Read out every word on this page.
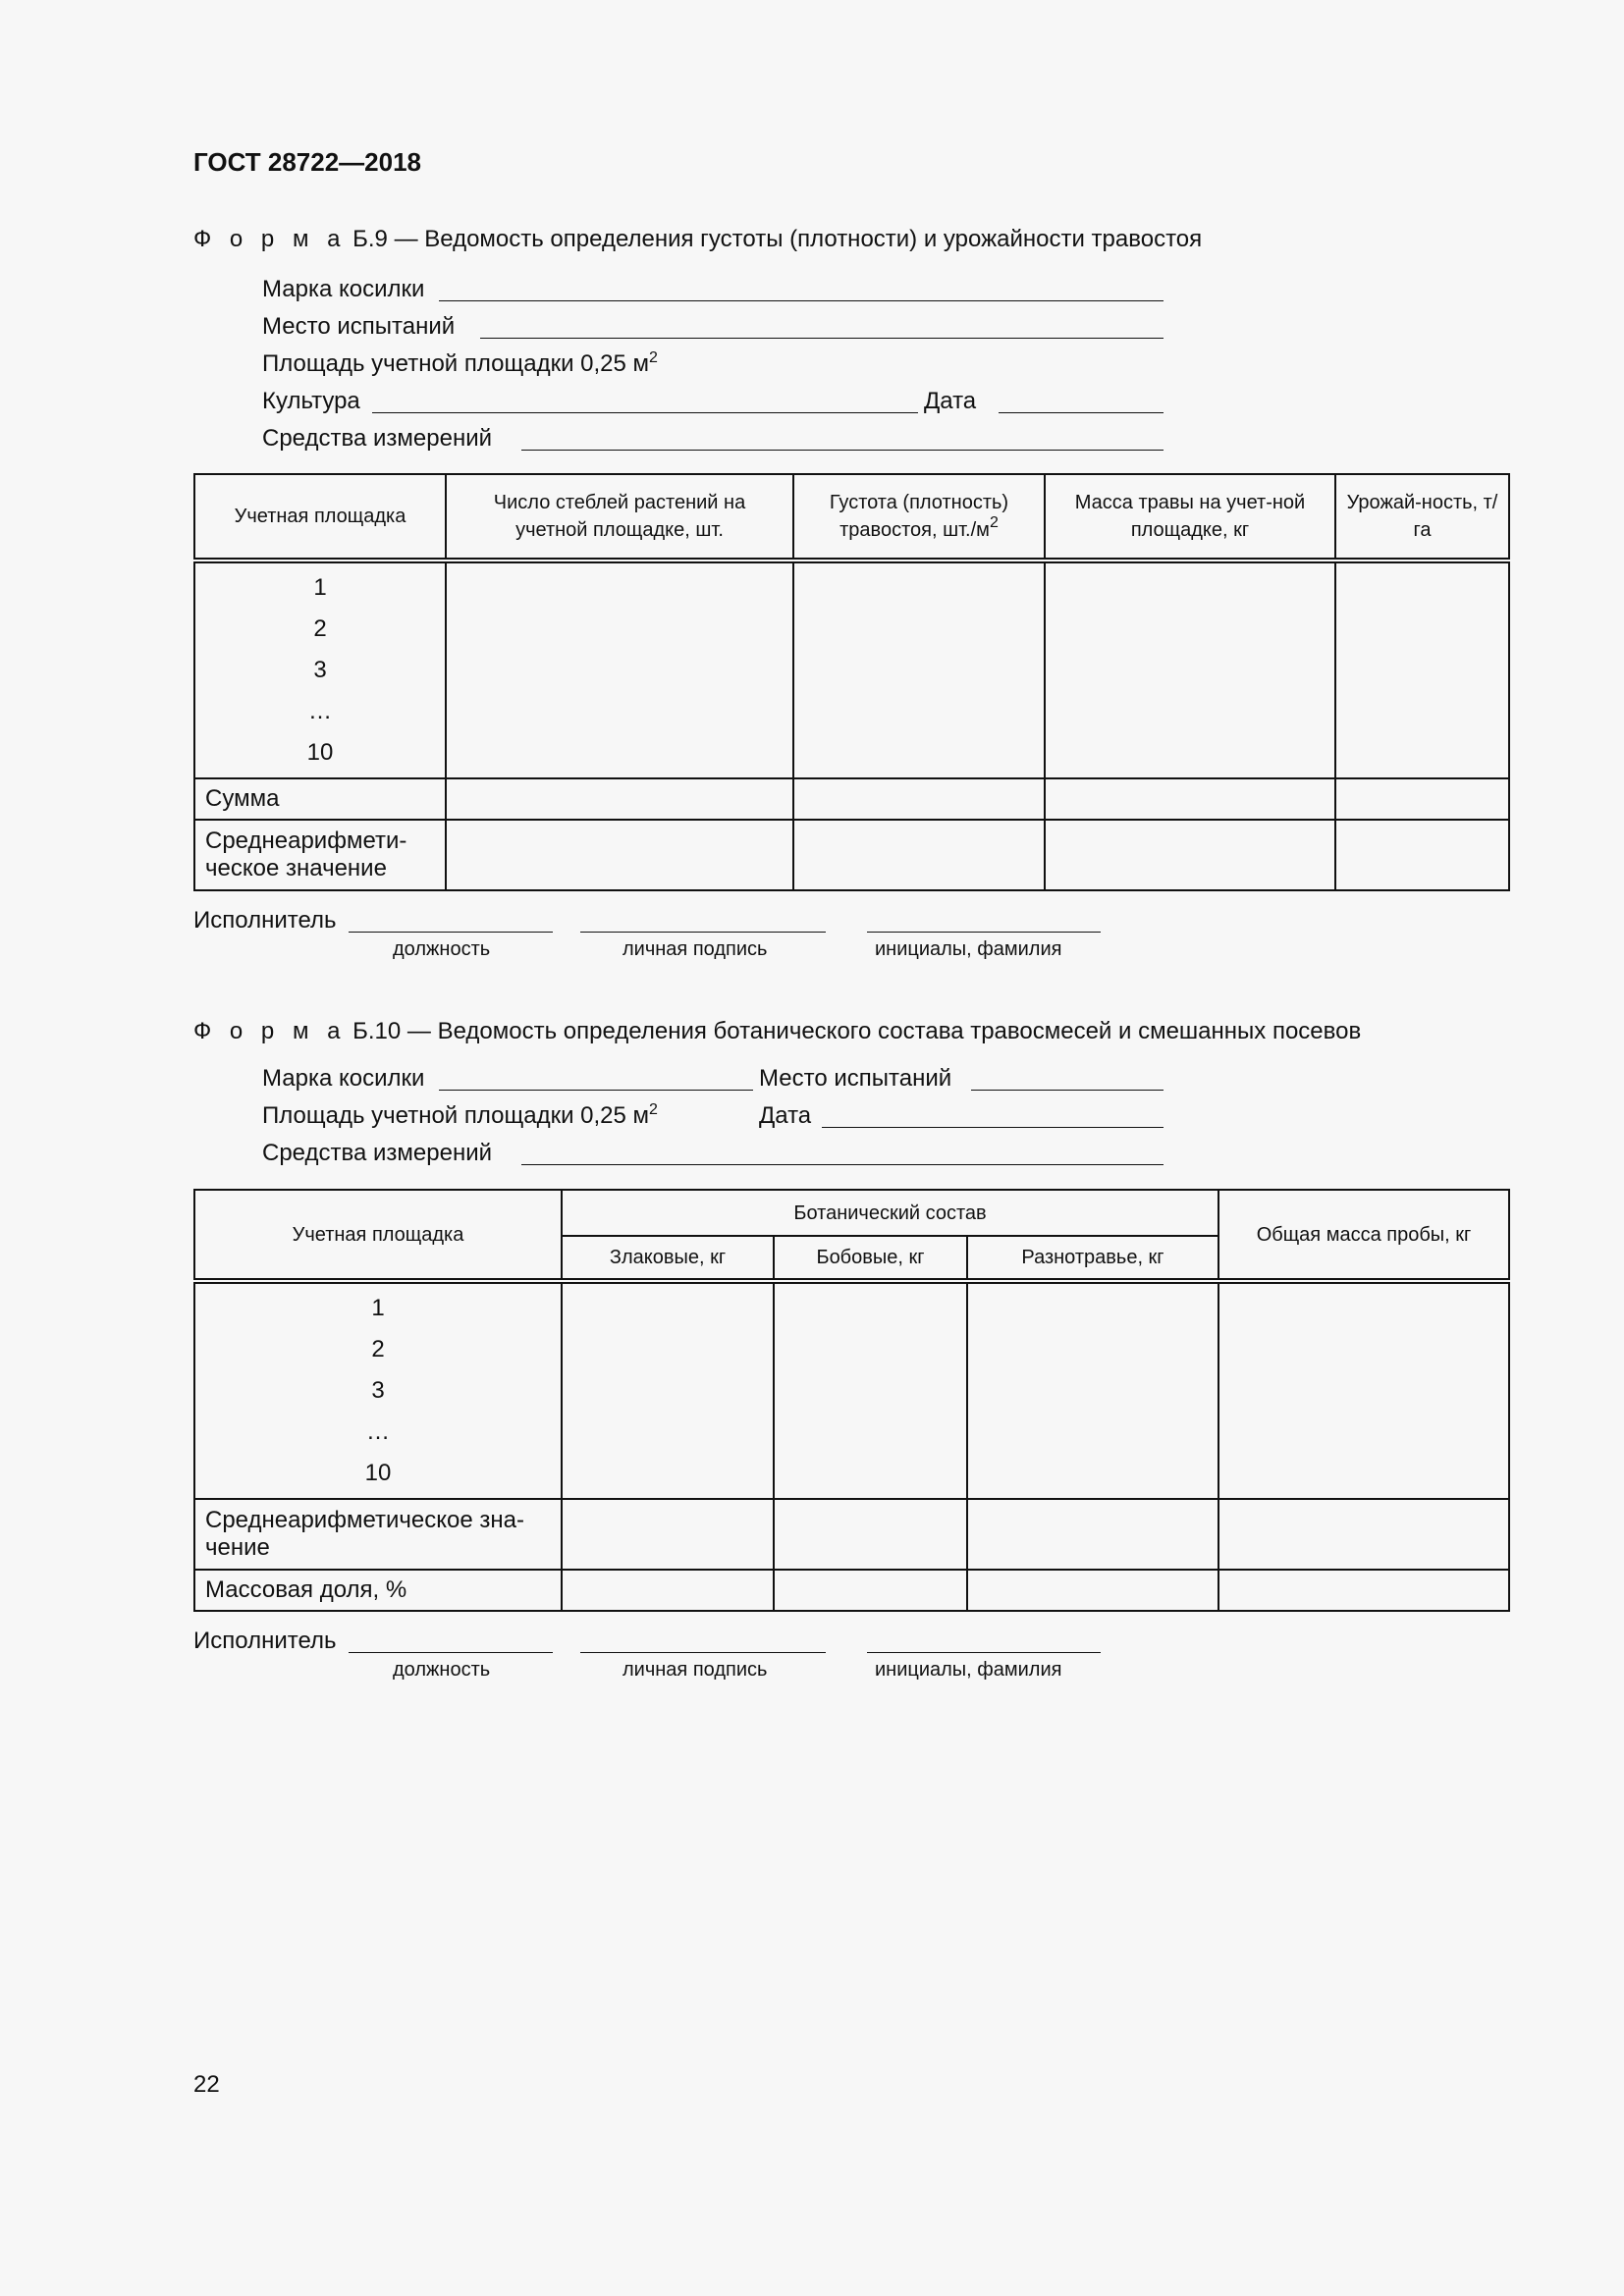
ГОСТ 28722—2018
Ф о р м а Б.9 — Ведомость определения густоты (плотности) и урожайности травостоя
Марка косилки
Место испытаний
Площадь учетной площадки 0,25 $м^2$
Культура	Дата
Средства измерений
Учетная площадка	Число стеблей растений на учетной площадке, шт.	Густота (плотность) травостоя, $шт./м^2$	Масса травы на учет-ной площадке, кг	Урожай-ность, т/га

1
2
3
…
10				

Сумма				
Среднеарифмети-ческое значение				
Исполнитель
должность	личная подпись	инициалы, фамилия
Ф о р м а Б.10 — Ведомость определения ботанического состава травосмесей и смешанных посевов
Марка косилки	Место испытаний
Площадь учетной площадки 0,25 $м^2$	Дата
Средства измерений
Учетная площадка	Ботанический состав			Общая масса пробы, кг
	Злаковые, кг	Бобовые, кг	Разнотравье, кг	

1
2
3
…
10				

Среднеарифметическое зна-чение				
Массовая доля, %				
Исполнитель
должность	личная подпись	инициалы, фамилия
22
